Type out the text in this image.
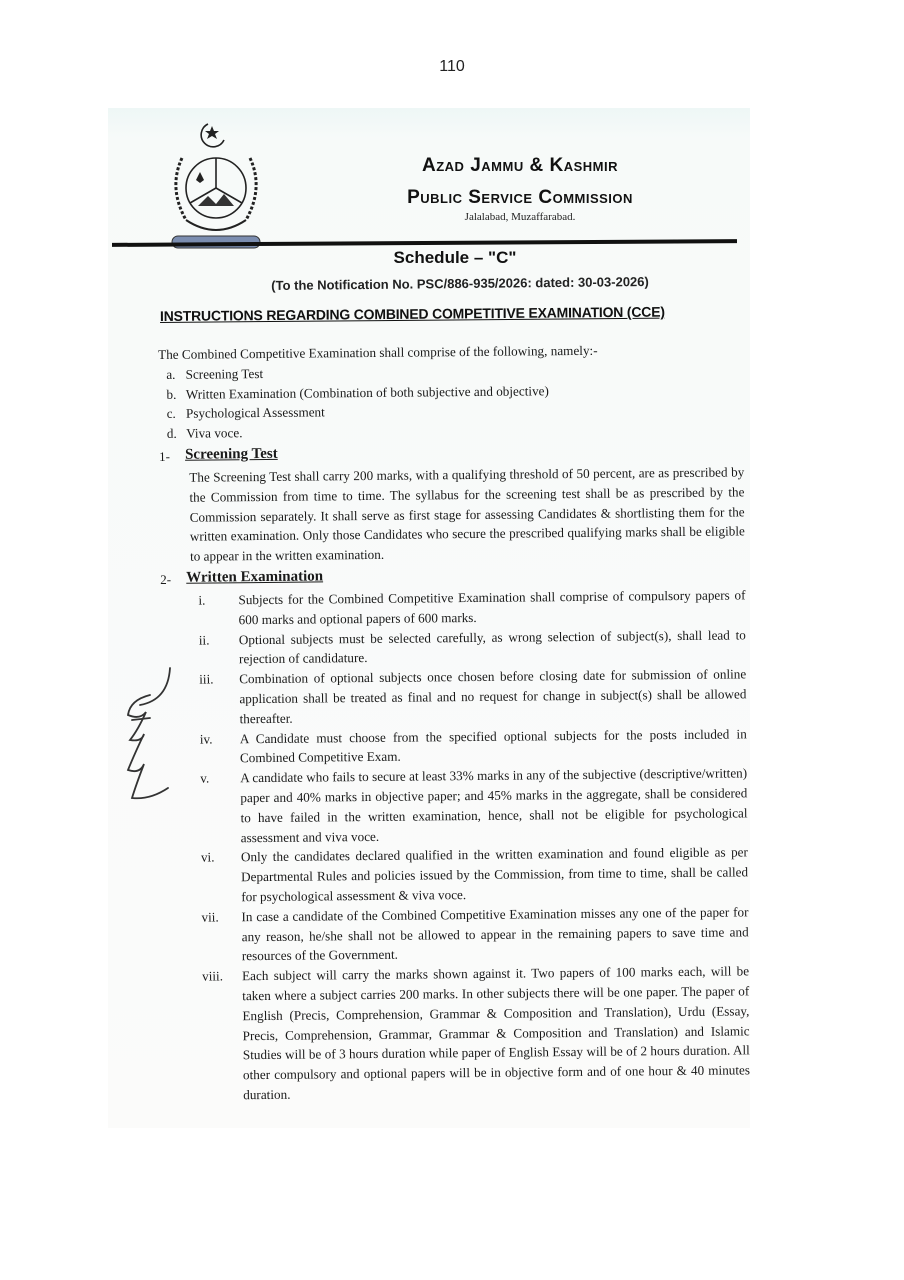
110
Azad Jammu & Kashmir
Public Service Commission
Jalalabad, Muzaffarabad.
Schedule – "C"
(To the Notification No. PSC/886-935/2026: dated: 30-03-2026)
INSTRUCTIONS REGARDING COMBINED COMPETITIVE EXAMINATION (CCE)

The Combined Competitive Examination shall comprise of the following, namely:-

a.
Screening Test
b.
Written Examination (Combination of both subjective and objective)
c.
Psychological Assessment
d.
Viva voce.
1- Screening Test

The Screening Test shall carry 200 marks, with a qualifying threshold of 50 percent, are as prescribed by the Commission from time to time. The syllabus for the screening test shall be as prescribed by the Commission separately. It shall serve as first stage for assessing Candidates & shortlisting them for the written examination. Only those Candidates who secure the prescribed qualifying marks shall be eligible to appear in the written examination.

2- Written Examination
i.	Subjects for the Combined Competitive Examination shall comprise of compulsory papers of 600 marks and optional papers of 600 marks.
ii.	Optional subjects must be selected carefully, as wrong selection of subject(s), shall lead to rejection of candidature.
iii.	Combination of optional subjects once chosen before closing date for submission of online application shall be treated as final and no request for change in subject(s) shall be allowed thereafter.
iv.	A Candidate must choose from the specified optional subjects for the posts included in Combined Competitive Exam.
v.	A candidate who fails to secure at least 33% marks in any of the subjective (descriptive/written) paper and 40% marks in objective paper; and 45% marks in the aggregate, shall be considered to have failed in the written examination, hence, shall not be eligible for psychological assessment and viva voce.
vi.	Only the candidates declared qualified in the written examination and found eligible as per Departmental Rules and policies issued by the Commission, from time to time, shall be called for psychological assessment & viva voce.
vii.	In case a candidate of the Combined Competitive Examination misses any one of the paper for any reason, he/she shall not be allowed to appear in the remaining papers to save time and resources of the Government.
viii.	Each subject will carry the marks shown against it. Two papers of 100 marks each, will be taken where a subject carries 200 marks. In other subjects there will be one paper. The paper of English (Precis, Comprehension, Grammar & Composition and Translation), Urdu (Essay, Precis, Comprehension, Grammar, Grammar & Composition and Translation) and Islamic Studies will be of 3 hours duration while paper of English Essay will be of 2 hours duration. All other compulsory and optional papers will be in objective form and of one hour & 40 minutes duration.
